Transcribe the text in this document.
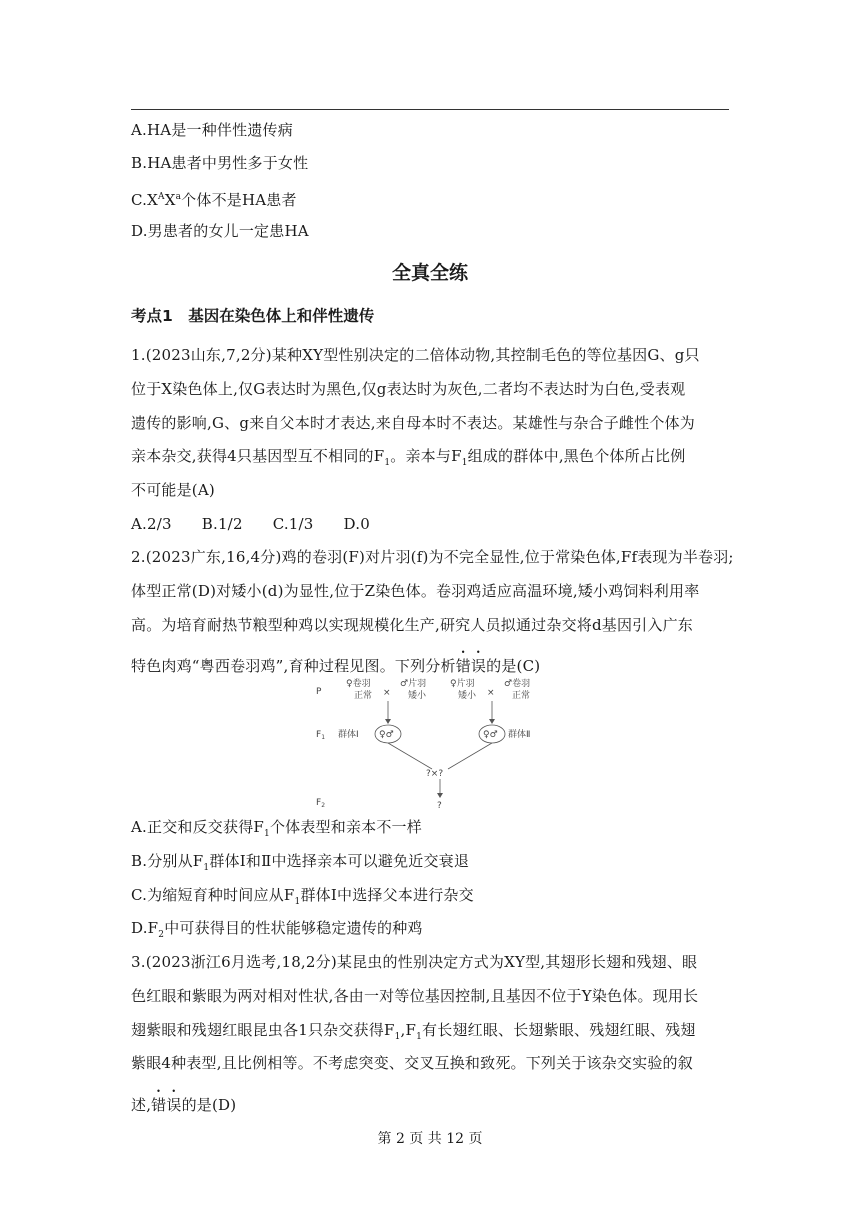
A.HA是一种伴性遗传病
B.HA患者中男性多于女性
$C.X^AX^a$个体不是HA患者
D.男患者的女儿一定患HA
全真全练
考点1　基因在染色体上和伴性遗传
1.(2023山东,7,2分)某种XY型性别决定的二倍体动物,其控制毛色的等位基因G、g只
位于X染色体上,仅G表达时为黑色,仅g表达时为灰色,二者均不表达时为白色,受表观
遗传的影响,G、g来自父本时才表达,来自母本时不表达。某雄性与杂合子雌性个体为
亲本杂交,获得4只基因型互不相同的$F_1$。亲本与$F_1$组成的群体中,黑色个体所占比例
不可能是(A)
A.2/3 B.1/2 C.1/3 D.0
2.(2023广东,16,4分)鸡的卷羽(F)对片羽(f)为不完全显性,位于常染色体,Ff表现为半卷羽;
体型正常(D)对矮小(d)为显性,位于Z染色体。卷羽鸡适应高温环境,矮小鸡饲料利用率
高。为培育耐热节粮型种鸡以实现规模化生产,研究人员拟通过杂交将d基因引入广东
特色肉鸡“粤西卷羽鸡”,育种过程见图。下列分析错误的是(C)
P
$F_1$
$F_2$
♀卷羽
正常 ×
♂片羽
矮小
♀片羽
矮小 ×
♂卷羽
正常
群体Ⅰ ♀♂	♀♂ 群体Ⅱ
?×?
?
A.正交和反交获得$F_1$个体表型和亲本不一样
B.分别从$F_1$群体Ⅰ和Ⅱ中选择亲本可以避免近交衰退
C.为缩短育种时间应从$F_1$群体Ⅰ中选择父本进行杂交
$D.F_2$中可获得目的性状能够稳定遗传的种鸡
3.(2023浙江6月选考,18,2分)某昆虫的性别决定方式为XY型,其翅形长翅和残翅、眼
色红眼和紫眼为两对相对性状,各由一对等位基因控制,且基因不位于Y染色体。现用长
翅紫眼和残翅红眼昆虫各1只杂交获得$F_1,F_1$有长翅红眼、长翅紫眼、残翅红眼、残翅
紫眼4种表型,且比例相等。不考虑突变、交叉互换和致死。下列关于该杂交实验的叙
述,错误的是(D)
第 2 页 共 12 页
